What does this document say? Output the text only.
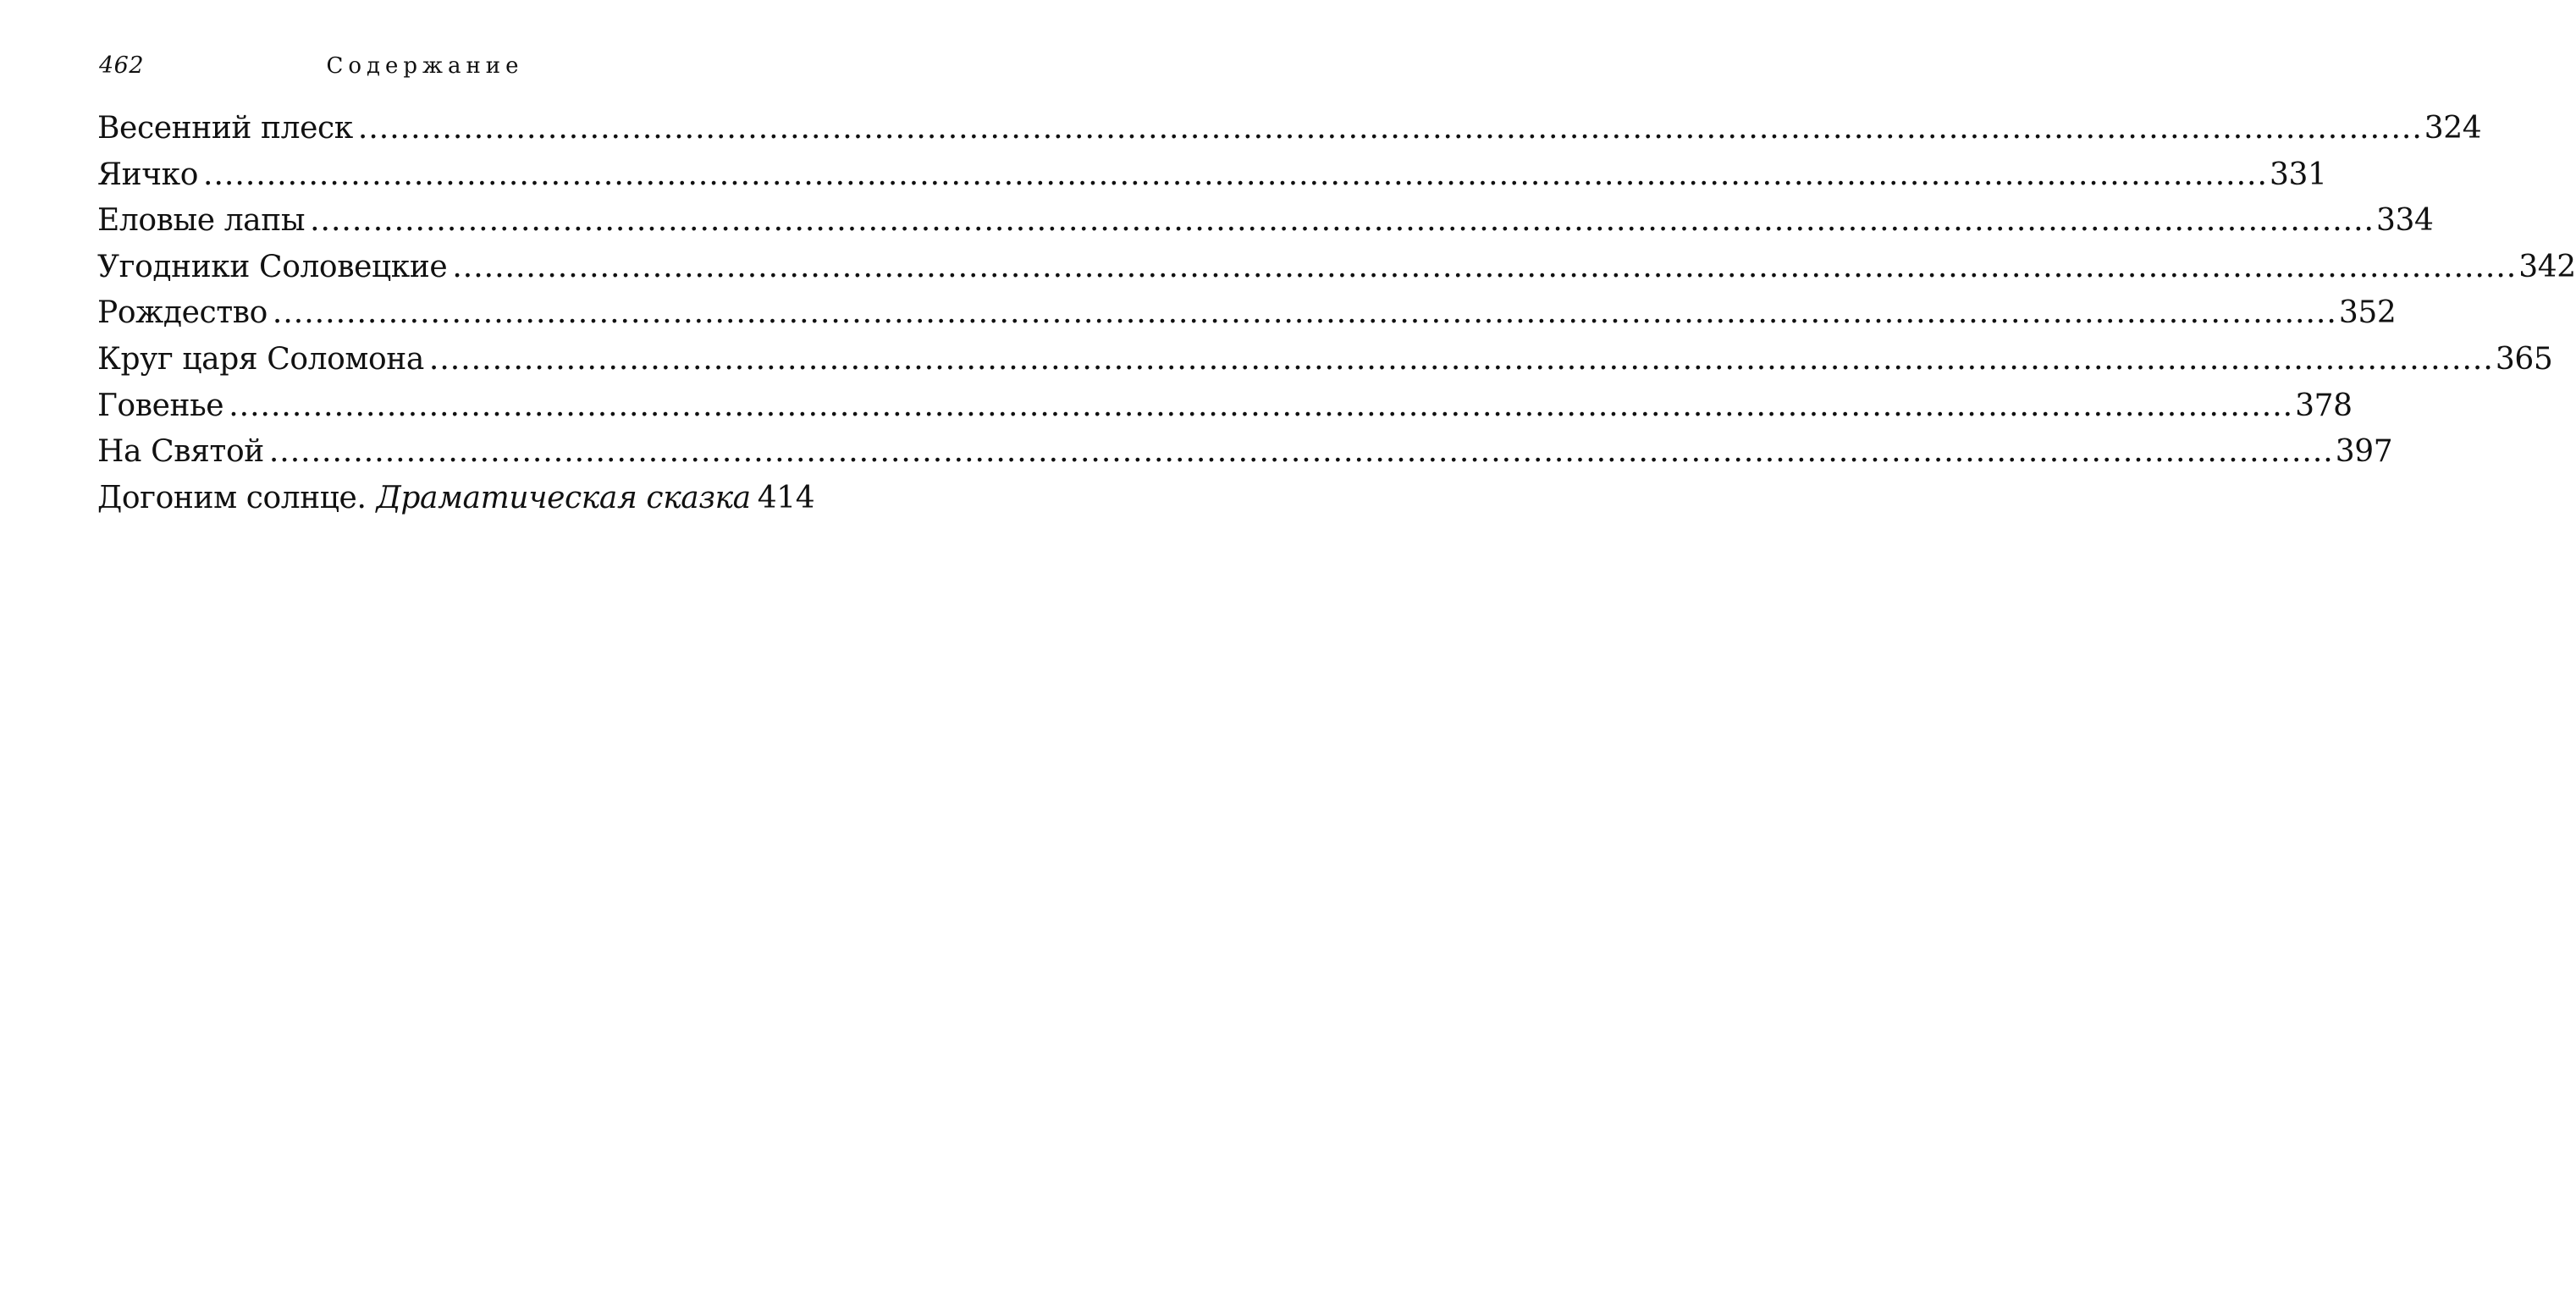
462	Содержание
Весенний плеск .....	324
Яичко .....	331
Еловые лапы .....	334
Угодники Соловецкие .....	342
Рождество .....	352
Круг царя Соломона .....	365
Говенье .....	378
На Святой .....	397
Догоним солнце. Драматическая сказка 414
